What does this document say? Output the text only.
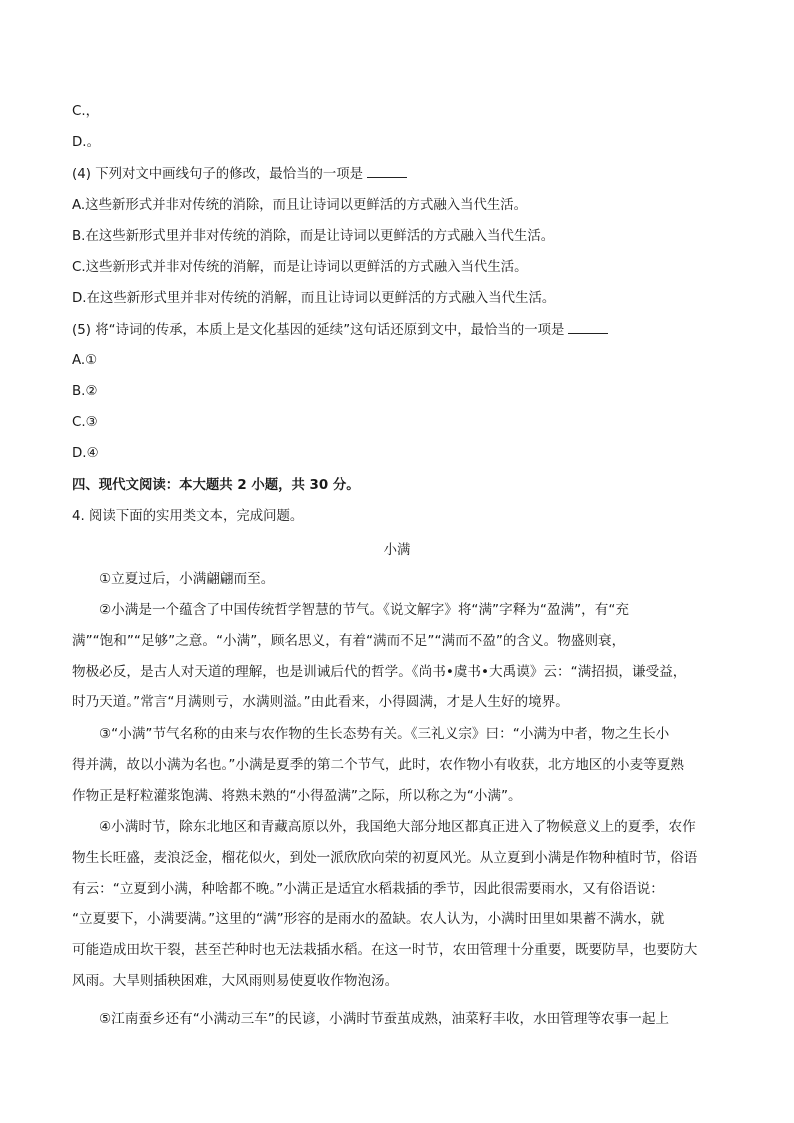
C.，
D.。
(4) 下列对文中画线句子的修改，最恰当的一项是
A.这些新形式并非对传统的消除，而且让诗词以更鲜活的方式融入当代生活。
B.在这些新形式里并非对传统的消除，而是让诗词以更鲜活的方式融入当代生活。
C.这些新形式并非对传统的消解，而是让诗词以更鲜活的方式融入当代生活。
D.在这些新形式里并非对传统的消解，而且让诗词以更鲜活的方式融入当代生活。
(5) 将“诗词的传承，本质上是文化基因的延续”这句话还原到文中，最恰当的一项是
A.①
B.②
C.③
D.④
四、现代文阅读：本大题共 2 小题，共 30 分。
4. 阅读下面的实用类文本，完成问题。
小满
①立夏过后，小满翩翩而至。
②小满是一个蕴含了中国传统哲学智慧的节气。《说文解字》将“满”字释为“盈满”，有“充
满”“饱和”“足够”之意。“小满”，顾名思义，有着“满而不足”“满而不盈”的含义。物盛则衰，
物极必反，是古人对天道的理解，也是训诫后代的哲学。《尚书•虞书•大禹谟》云：“满招损，谦受益，
时乃天道。”常言“月满则亏，水满则溢。”由此看来，小得圆满，才是人生好的境界。
③“小满”节气名称的由来与农作物的生长态势有关。《三礼义宗》曰：“小满为中者，物之生长小
得并满，故以小满为名也。”小满是夏季的第二个节气，此时，农作物小有收获，北方地区的小麦等夏熟
作物正是籽粒灌浆饱满、将熟未熟的“小得盈满”之际，所以称之为“小满”。
④小满时节，除东北地区和青藏高原以外，我国绝大部分地区都真正进入了物候意义上的夏季，农作
物生长旺盛，麦浪泛金，榴花似火，到处一派欣欣向荣的初夏风光。从立夏到小满是作物种植时节，俗语
有云：“立夏到小满，种啥都不晚。”小满正是适宜水稻栽插的季节，因此很需要雨水，又有俗语说：
“立夏要下，小满要满。”这里的“满”形容的是雨水的盈缺。农人认为，小满时田里如果蓄不满水，就
可能造成田坎干裂，甚至芒种时也无法栽插水稻。在这一时节，农田管理十分重要，既要防旱，也要防大
风雨。大旱则插秧困难，大风雨则易使夏收作物泡汤。
⑤江南蚕乡还有“小满动三车”的民谚，小满时节蚕茧成熟，油菜籽丰收，水田管理等农事一起上
